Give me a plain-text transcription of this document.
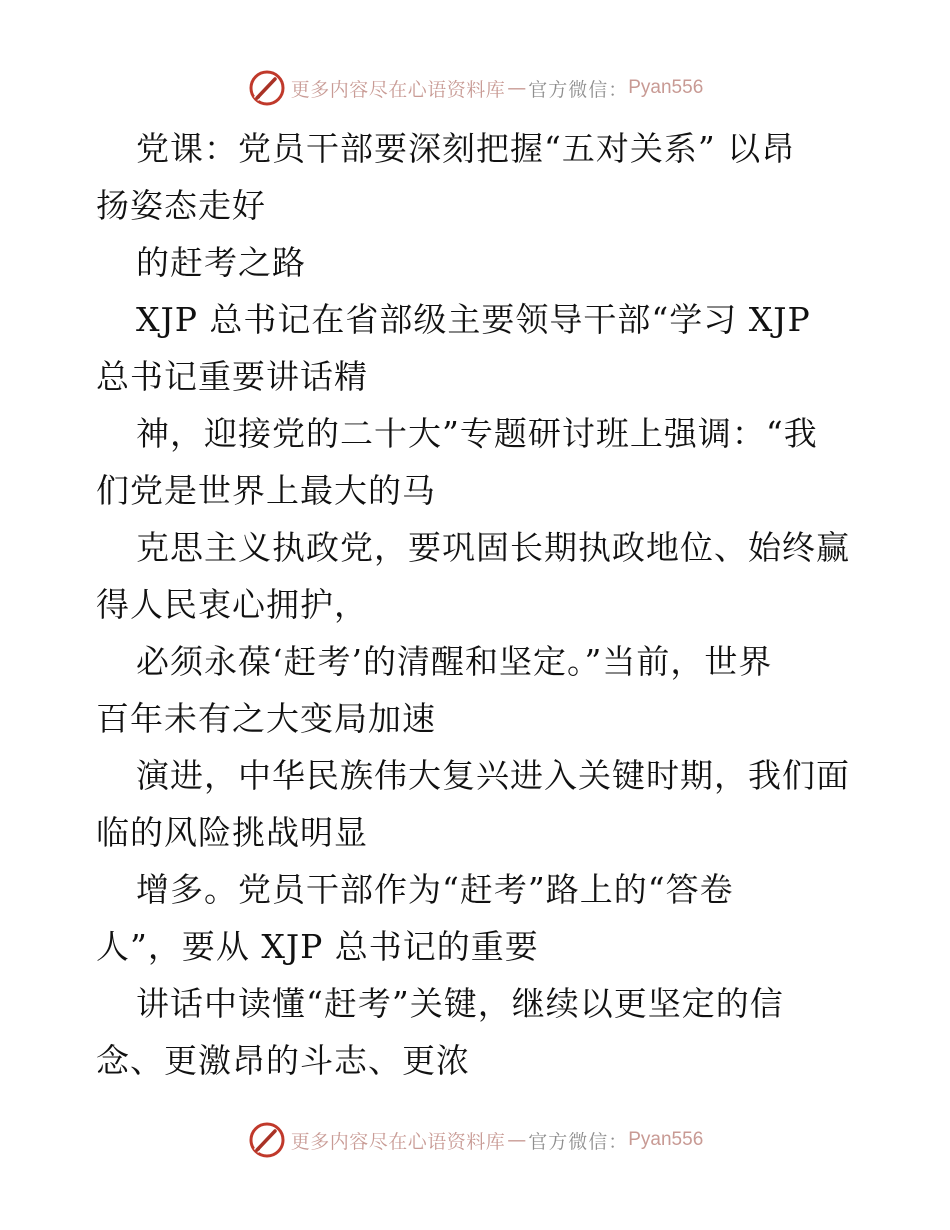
更多内容尽在心语资料库 — 官方微信： Pyan556
党课：党员干部要深刻把握“五对关系” 以昂
扬姿态走好
的赶考之路
XJP 总书记在省部级主要领导干部“学习 XJP
总书记重要讲话精
神，迎接党的二十大”专题研讨班上强调：“我
们党是世界上最大的马
克思主义执政党，要巩固长期执政地位、始终赢
得人民衷心拥护，
必须永葆‘赶考’的清醒和坚定。”当前，世界
百年未有之大变局加速
演进，中华民族伟大复兴进入关键时期，我们面
临的风险挑战明显
增多。党员干部作为“赶考”路上的“答卷
人”，要从 XJP 总书记的重要
讲话中读懂“赶考”关键，继续以更坚定的信
念、更激昂的斗志、更浓
更多内容尽在心语资料库 — 官方微信： Pyan556
